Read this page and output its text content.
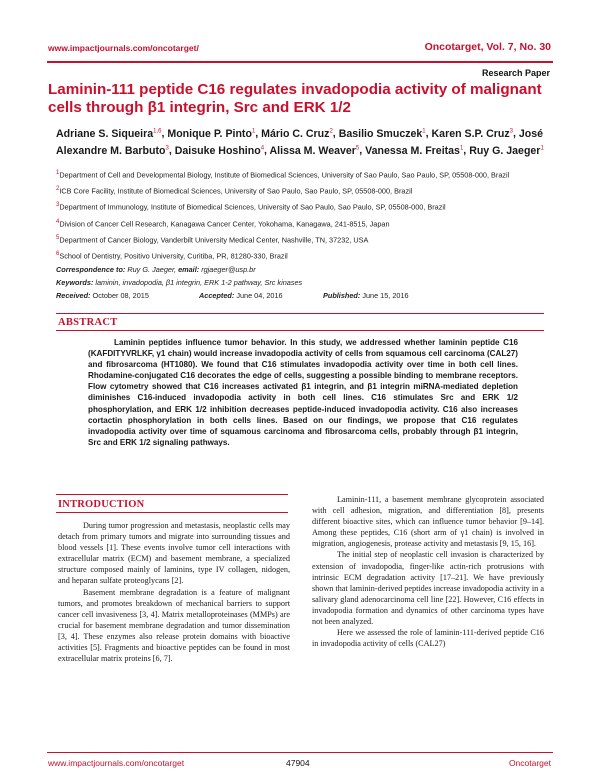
www.impactjournals.com/oncotarget/	Oncotarget, Vol. 7, No. 30
Research Paper
Laminin-111 peptide C16 regulates invadopodia activity of malignant cells through β1 integrin, Src and ERK 1/2

Adriane S. Siqueira$^{1,6}$, Monique P. Pinto$^1$, Mário C. Cruz$^2$, Basilio Smuczek$^1$, Karen S.P. Cruz$^3$, José Alexandre M. Barbuto$^3$, Daisuke Hoshino$^4$, Alissa M. Weaver$^5$, Vanessa M. Freitas$^1$, Ruy G. Jaeger$^1$

$^1$Department of Cell and Developmental Biology, Institute of Biomedical Sciences, University of Sao Paulo, Sao Paulo, SP, 05508-000, Brazil
$^2$ICB Core Facility, Institute of Biomedical Sciences, University of Sao Paulo, Sao Paulo, SP, 05508-000, Brazil
$^3$Department of Immunology, Institute of Biomedical Sciences, University of Sao Paulo, Sao Paulo, SP, 05508-000, Brazil
$^4$Division of Cancer Cell Research, Kanagawa Cancer Center, Yokohama, Kanagawa, 241-8515, Japan
$^5$Department of Cancer Biology, Vanderbilt University Medical Center, Nashville, TN, 37232, USA
$^6$School of Dentistry, Positivo University, Curitiba, PR, 81280-330, Brazil
Correspondence to: Ruy G. Jaeger, email: rgjaeger@usp.br
Keywords: laminin, invadopodia, β1 integrin, ERK 1-2 pathway, Src kinases
Received: October 08, 2015	Accepted: June 04, 2016	Published: June 15, 2016
ABSTRACT

Laminin peptides influence tumor behavior. In this study, we addressed whether laminin peptide C16 (KAFDITYVRLKF, γ1 chain) would increase invadopodia activity of cells from squamous cell carcinoma (CAL27) and fibrosarcoma (HT1080). We found that C16 stimulates invadopodia activity over time in both cell lines. Rhodamine-conjugated C16 decorates the edge of cells, suggesting a possible binding to membrane receptors. Flow cytometry showed that C16 increases activated β1 integrin, and β1 integrin miRNA-mediated depletion diminishes C16-induced invadopodia activity in both cell lines. C16 stimulates Src and ERK 1/2 phosphorylation, and ERK 1/2 inhibition decreases peptide-induced invadopodia activity. C16 also increases cortactin phosphorylation in both cells lines. Based on our findings, we propose that C16 regulates invadopodia activity over time of squamous carcinoma and fibrosarcoma cells, probably through β1 integrin, Src and ERK 1/2 signaling pathways.

INTRODUCTION

During tumor progression and metastasis, neoplastic cells may detach from primary tumors and migrate into surrounding tissues and blood vessels [1]. These events involve tumor cell interactions with extracellular matrix (ECM) and basement membrane, a specialized structure composed mainly of laminins, type IV collagen, nidogen, and heparan sulfate proteoglycans [2].

Basement membrane degradation is a feature of malignant tumors, and promotes breakdown of mechanical barriers to support cancer cell invasiveness [3, 4]. Matrix metalloproteinases (MMPs) are crucial for basement membrane degradation and tumor dissemination [3, 4]. These enzymes also release protein domains with bioactive activities [5]. Fragments and bioactive peptides can be found in most extracellular matrix proteins [6, 7].

Laminin-111, a basement membrane glycoprotein associated with cell adhesion, migration, and differentiation [8], presents different bioactive sites, which can influence tumor behavior [9–14]. Among these peptides, C16 (short arm of γ1 chain) is involved in migration, angiogenesis, protease activity and metastasis [9, 15, 16].

The initial step of neoplastic cell invasion is characterized by extension of invadopodia, finger-like actin-rich protrusions with intrinsic ECM degradation activity [17–21]. We have previously shown that laminin-derived peptides increase invadopodia activity in a salivary gland adenocarcinoma cell line [22]. However, C16 effects in invadopodia formation and dynamics of other carcinoma types have not been analyzed.

Here we assessed the role of laminin-111-derived peptide C16 in invadopodia activity of cells (CAL27)

www.impactjournals.com/oncotarget	47904	Oncotarget
